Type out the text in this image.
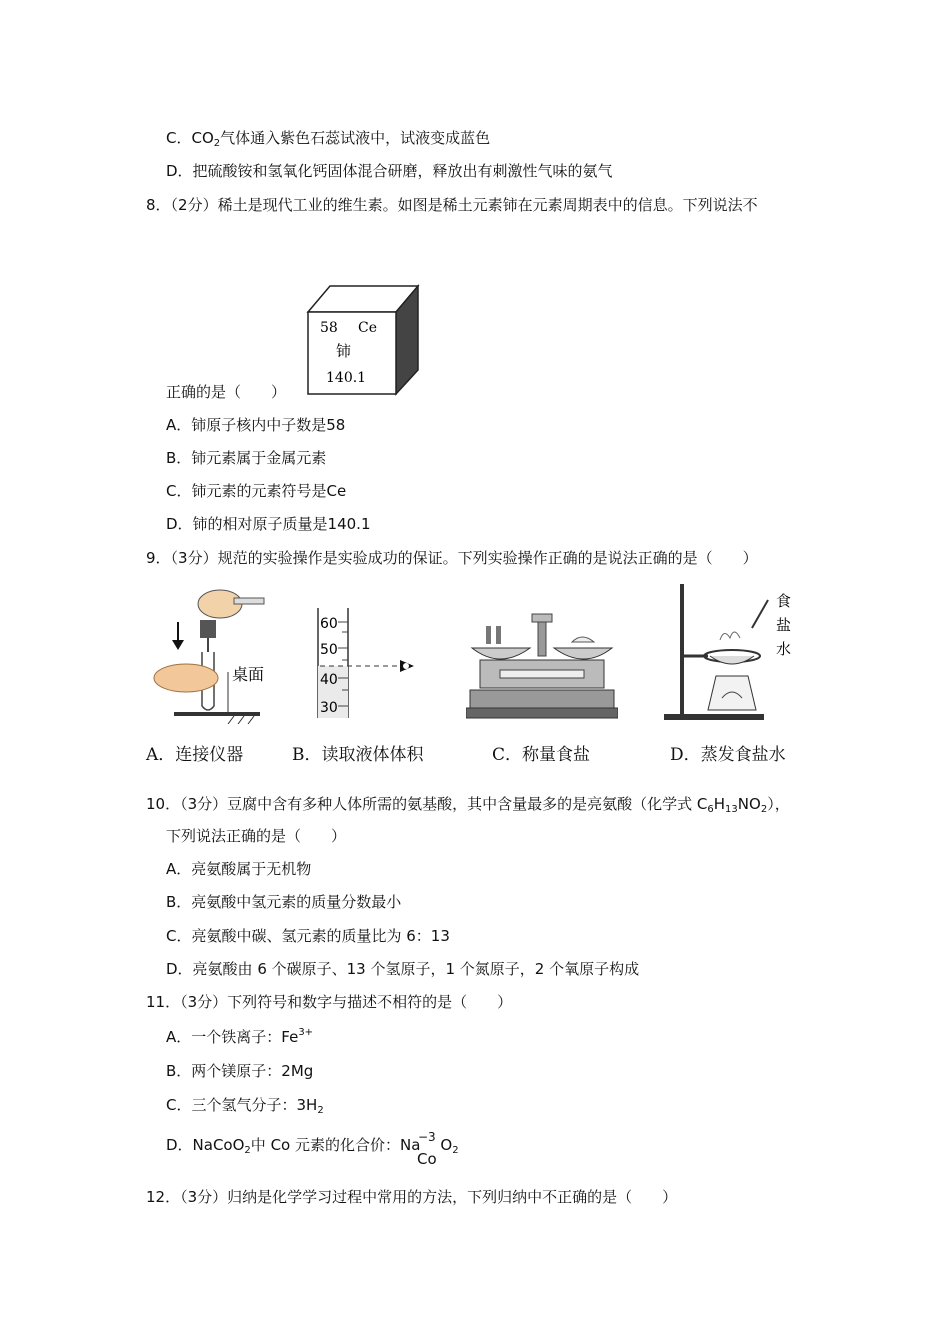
C．$CO_2$气体通入紫色石蕊试液中，试液变成蓝色
D．把硫酸铵和氢氧化钙固体混合研磨，释放出有刺激性气味的氨气
8．（2分）稀土是现代工业的维生素。如图是稀土元素铈在元素周期表中的信息。下列说法不
58 Ce
铈
140.1
正确的是（　　）
A．铈原子核内中子数是58
B．铈元素属于金属元素
C．铈元素的元素符号是Ce
D．铈的相对原子质量是140.1
9．（3分）规范的实验操作是实验成功的保证。下列实验操作正确的是说法正确的是（　　）
桌面
60
50
40
30
食
盐
水
A．连接仪器	B．读取液体体积	C．称量食盐	D．蒸发食盐水
10．（3分）豆腐中含有多种人体所需的氨基酸，其中含量最多的是亮氨酸（化学式 $C_6H_{13}NO_2$），
下列说法正确的是（　　）
A．亮氨酸属于无机物
B．亮氨酸中氢元素的质量分数最小
C．亮氨酸中碳、氢元素的质量比为 6：13
D．亮氨酸由 6 个碳原子、13 个氢原子，1 个氮原子，2 个氧原子构成
11．（3分）下列符号和数字与描述不相符的是（　　）
A．一个铁离子：$Fe^{3+}$
B．两个镁原子：2Mg
C．三个氢气分子：$3H_2$
D．NaCoO$_2$中 Co 元素的化合价：Na $O_2$
−3
Co
12．（3分）归纳是化学学习过程中常用的方法，下列归纳中不正确的是（　　）
